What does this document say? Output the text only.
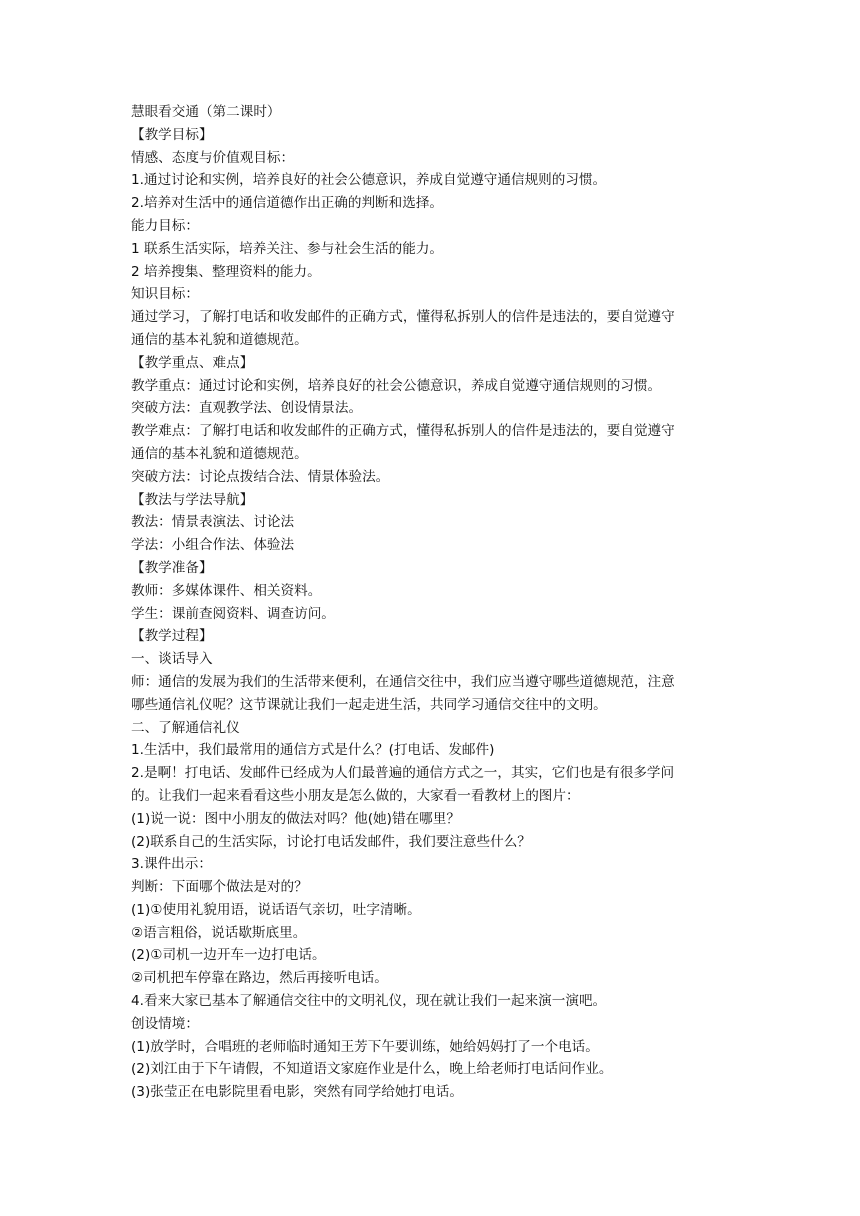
慧眼看交通（第二课时）

【教学目标】

情感、态度与价值观目标：

1.通过讨论和实例，培养良好的社会公德意识，养成自觉遵守通信规则的习惯。

2.培养对生活中的通信道德作出正确的判断和选择。

能力目标：

1 联系生活实际，培养关注、参与社会生活的能力。

2 培养搜集、整理资料的能力。

知识目标：

通过学习，了解打电话和收发邮件的正确方式，懂得私拆别人的信件是违法的，要自觉遵守

通信的基本礼貌和道德规范。

【教学重点、难点】

教学重点：通过讨论和实例，培养良好的社会公德意识，养成自觉遵守通信规则的习惯。

突破方法：直观教学法、创设情景法。

教学难点：了解打电话和收发邮件的正确方式，懂得私拆别人的信件是违法的，要自觉遵守

通信的基本礼貌和道德规范。

突破方法：讨论点拨结合法、情景体验法。

【教法与学法导航】

教法：情景表演法、讨论法

学法：小组合作法、体验法

【教学准备】

教师：多媒体课件、相关资料。

学生：课前查阅资料、调查访问。

【教学过程】

一、谈话导入

师：通信的发展为我们的生活带来便利，在通信交往中，我们应当遵守哪些道德规范，注意

哪些通信礼仪呢？这节课就让我们一起走进生活，共同学习通信交往中的文明。

二、了解通信礼仪

1.生活中，我们最常用的通信方式是什么？(打电话、发邮件)

2.是啊！打电话、发邮件已经成为人们最普遍的通信方式之一，其实，它们也是有很多学问

的。让我们一起来看看这些小朋友是怎么做的，大家看一看教材上的图片：

(1)说一说：图中小朋友的做法对吗？他(她)错在哪里？

(2)联系自己的生活实际，讨论打电话发邮件，我们要注意些什么？

3.课件出示：

判断：下面哪个做法是对的？

(1)①使用礼貌用语，说话语气亲切，吐字清晰。

②语言粗俗，说话歇斯底里。

(2)①司机一边开车一边打电话。

②司机把车停靠在路边，然后再接听电话。

4.看来大家已基本了解通信交往中的文明礼仪，现在就让我们一起来演一演吧。

创设情境：

(1)放学时，合唱班的老师临时通知王芳下午要训练，她给妈妈打了一个电话。

(2)刘江由于下午请假，不知道语文家庭作业是什么，晚上给老师打电话问作业。

(3)张莹正在电影院里看电影，突然有同学给她打电话。
